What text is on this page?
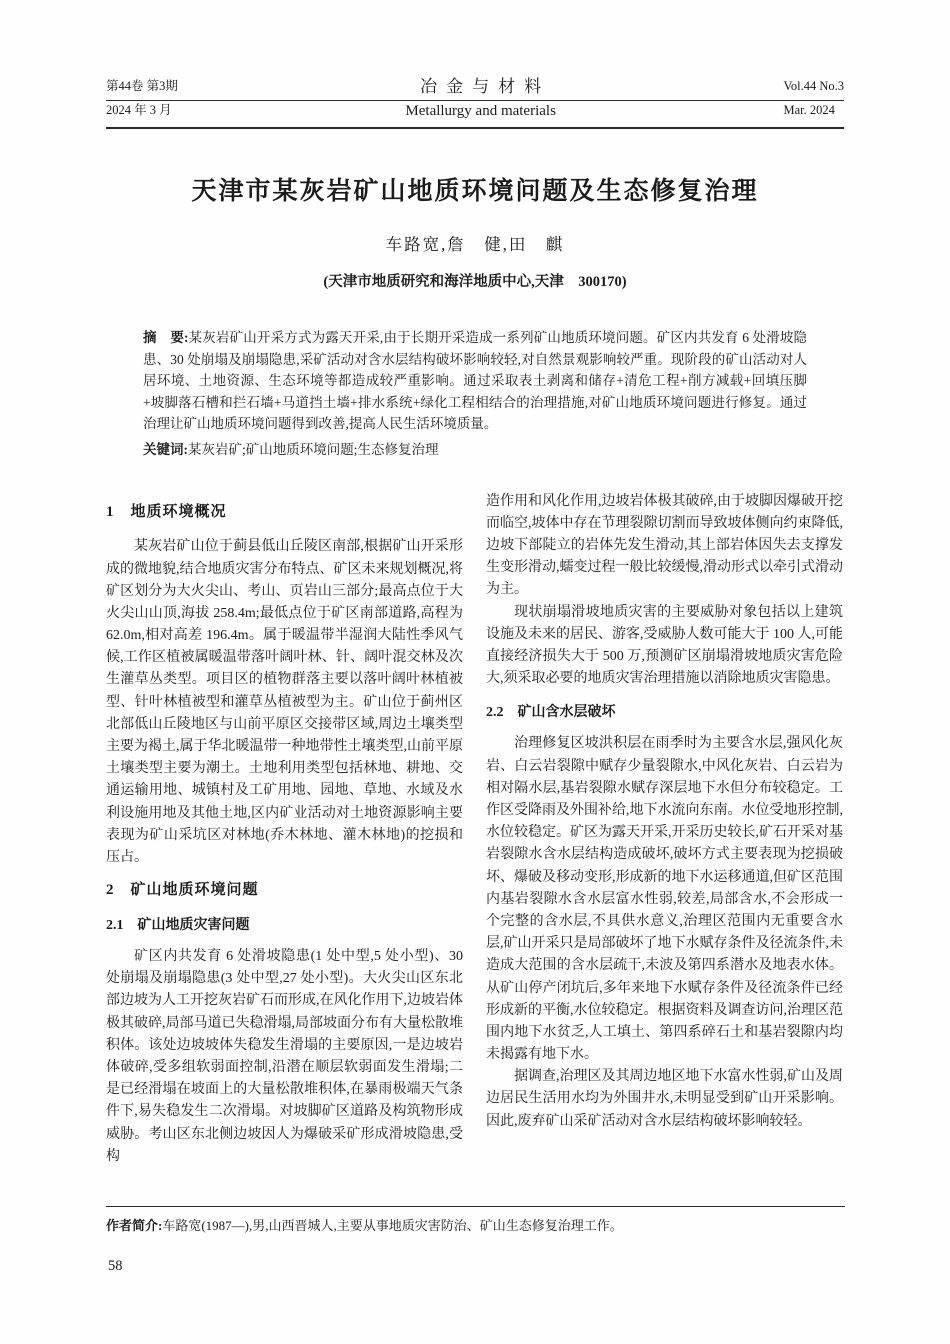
第44卷 第3期
2024 年 3 月
冶金与材料
Metallurgy and materials
Vol.44 No.3
Mar. 2024
天津市某灰岩矿山地质环境问题及生态修复治理
车路宽,詹　健,田　麒
(天津市地质研究和海洋地质中心,天津　300170)

摘　要:某灰岩矿山开采方式为露天开采,由于长期开采造成一系列矿山地质环境问题。矿区内共发育 6 处滑坡隐患、30 处崩塌及崩塌隐患,采矿活动对含水层结构破坏影响较轻,对自然景观影响较严重。现阶段的矿山活动对人居环境、土地资源、生态环境等都造成较严重影响。通过采取表土剥离和储存+清危工程+削方减载+回填压脚+坡脚落石槽和拦石墙+马道挡土墙+排水系统+绿化工程相结合的治理措施,对矿山地质环境问题进行修复。通过治理让矿山地质环境问题得到改善,提高人民生活环境质量。

关键词:某灰岩矿;矿山地质环境问题;生态修复治理

1　地质环境概况

某灰岩矿山位于蓟县低山丘陵区南部,根据矿山开采形成的微地貌,结合地质灾害分布特点、矿区未来规划概况,将矿区划分为大火尖山、考山、页岩山三部分;最高点位于大火尖山山顶,海拔 258.4m;最低点位于矿区南部道路,高程为 62.0m,相对高差 196.4m。属于暖温带半湿润大陆性季风气候,工作区植被属暖温带落叶阔叶林、针、阔叶混交林及次生灌草丛类型。项目区的植物群落主要以落叶阔叶林植被型、针叶林植被型和灌草丛植被型为主。矿山位于蓟州区北部低山丘陵地区与山前平原区交接带区域,周边土壤类型主要为褐土,属于华北暖温带一种地带性土壤类型,山前平原土壤类型主要为潮土。土地利用类型包括林地、耕地、交通运输用地、城镇村及工矿用地、园地、草地、水域及水利设施用地及其他土地,区内矿业活动对土地资源影响主要表现为矿山采坑区对林地(乔木林地、灌木林地)的挖损和压占。

2　矿山地质环境问题
2.1　矿山地质灾害问题

矿区内共发育 6 处滑坡隐患(1 处中型,5 处小型)、30 处崩塌及崩塌隐患(3 处中型,27 处小型)。大火尖山区东北部边坡为人工开挖灰岩矿石而形成,在风化作用下,边坡岩体极其破碎,局部马道已失稳滑塌,局部坡面分布有大量松散堆积体。该处边坡坡体失稳发生滑塌的主要原因,一是边坡岩体破碎,受多组软弱面控制,沿潜在顺层软弱面发生滑塌;二是已经滑塌在坡面上的大量松散堆积体,在暴雨极端天气条件下,易失稳发生二次滑塌。对坡脚矿区道路及构筑物形成威胁。考山区东北侧边坡因人为爆破采矿形成滑坡隐患,受构

造作用和风化作用,边坡岩体极其破碎,由于坡脚因爆破开挖而临空,坡体中存在节理裂隙切割而导致坡体侧向约束降低,边坡下部陡立的岩体先发生滑动,其上部岩体因失去支撑发生变形滑动,蠕变过程一般比较缓慢,滑动形式以牵引式滑动为主。

现状崩塌滑坡地质灾害的主要威胁对象包括以上建筑设施及未来的居民、游客,受威胁人数可能大于 100 人,可能直接经济损失大于 500 万,预测矿区崩塌滑坡地质灾害危险大,须采取必要的地质灾害治理措施以消除地质灾害隐患。

2.2　矿山含水层破坏

治理修复区坡洪积层在雨季时为主要含水层,强风化灰岩、白云岩裂隙中赋存少量裂隙水,中风化灰岩、白云岩为相对隔水层,基岩裂隙水赋存深层地下水但分布较稳定。工作区受降雨及外围补给,地下水流向东南。水位受地形控制,水位较稳定。矿区为露天开采,开采历史较长,矿石开采对基岩裂隙水含水层结构造成破坏,破坏方式主要表现为挖损破坏、爆破及移动变形,形成新的地下水运移通道,但矿区范围内基岩裂隙水含水层富水性弱,较差,局部含水,不会形成一个完整的含水层,不具供水意义,治理区范围内无重要含水层,矿山开采只是局部破坏了地下水赋存条件及径流条件,未造成大范围的含水层疏干,未波及第四系潜水及地表水体。从矿山停产闭坑后,多年来地下水赋存条件及径流条件已经形成新的平衡,水位较稳定。根据资料及调查访问,治理区范围内地下水贫乏,人工填土、第四系碎石土和基岩裂隙内均未揭露有地下水。

据调查,治理区及其周边地区地下水富水性弱,矿山及周边居民生活用水均为外围井水,未明显受到矿山开采影响。因此,废弃矿山采矿活动对含水层结构破坏影响较轻。

作者简介:车路宽(1987—),男,山西晋城人,主要从事地质灾害防治、矿山生态修复治理工作。
58
